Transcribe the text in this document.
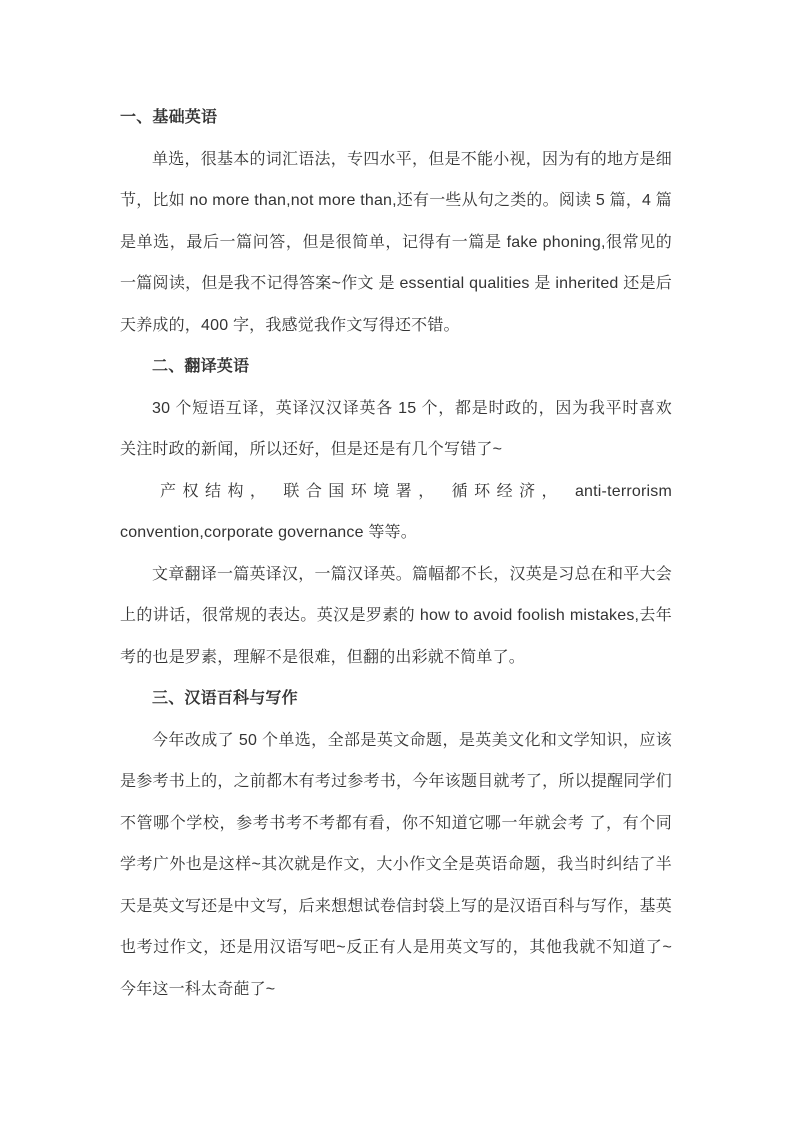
一、基础英语

单选，很基本的词汇语法，专四水平，但是不能小视，因为有的地方是细节，比如 no more than,not more than,还有一些从句之类的。阅读 5 篇，4 篇是单选，最后一篇问答，但是很简单，记得有一篇是 fake phoning,很常见的一篇阅读，但是我不记得答案~作文 是 essential qualities 是 inherited 还是后天养成的，400 字，我感觉我作文写得还不错。

二、翻译英语

30 个短语互译，英译汉汉译英各 15 个，都是时政的，因为我平时喜欢关注时政的新闻，所以还好，但是还是有几个写错了~

产权结构， 联合国环境署， 循环经济， anti-terrorism convention,corporate governance 等等。

文章翻译一篇英译汉，一篇汉译英。篇幅都不长，汉英是习总在和平大会上的讲话，很常规的表达。英汉是罗素的 how to avoid foolish mistakes,去年考的也是罗素，理解不是很难，但翻的出彩就不简单了。

三、汉语百科与写作

今年改成了 50 个单选，全部是英文命题，是英美文化和文学知识，应该是参考书上的，之前都木有考过参考书，今年该题目就考了，所以提醒同学们不管哪个学校，参考书考不考都有看，你不知道它哪一年就会考 了，有个同学考广外也是这样~其次就是作文，大小作文全是英语命题，我当时纠结了半天是英文写还是中文写，后来想想试卷信封袋上写的是汉语百科与写作，基英也考过作文，还是用汉语写吧~反正有人是用英文写的，其他我就不知道了~今年这一科太奇葩了~
